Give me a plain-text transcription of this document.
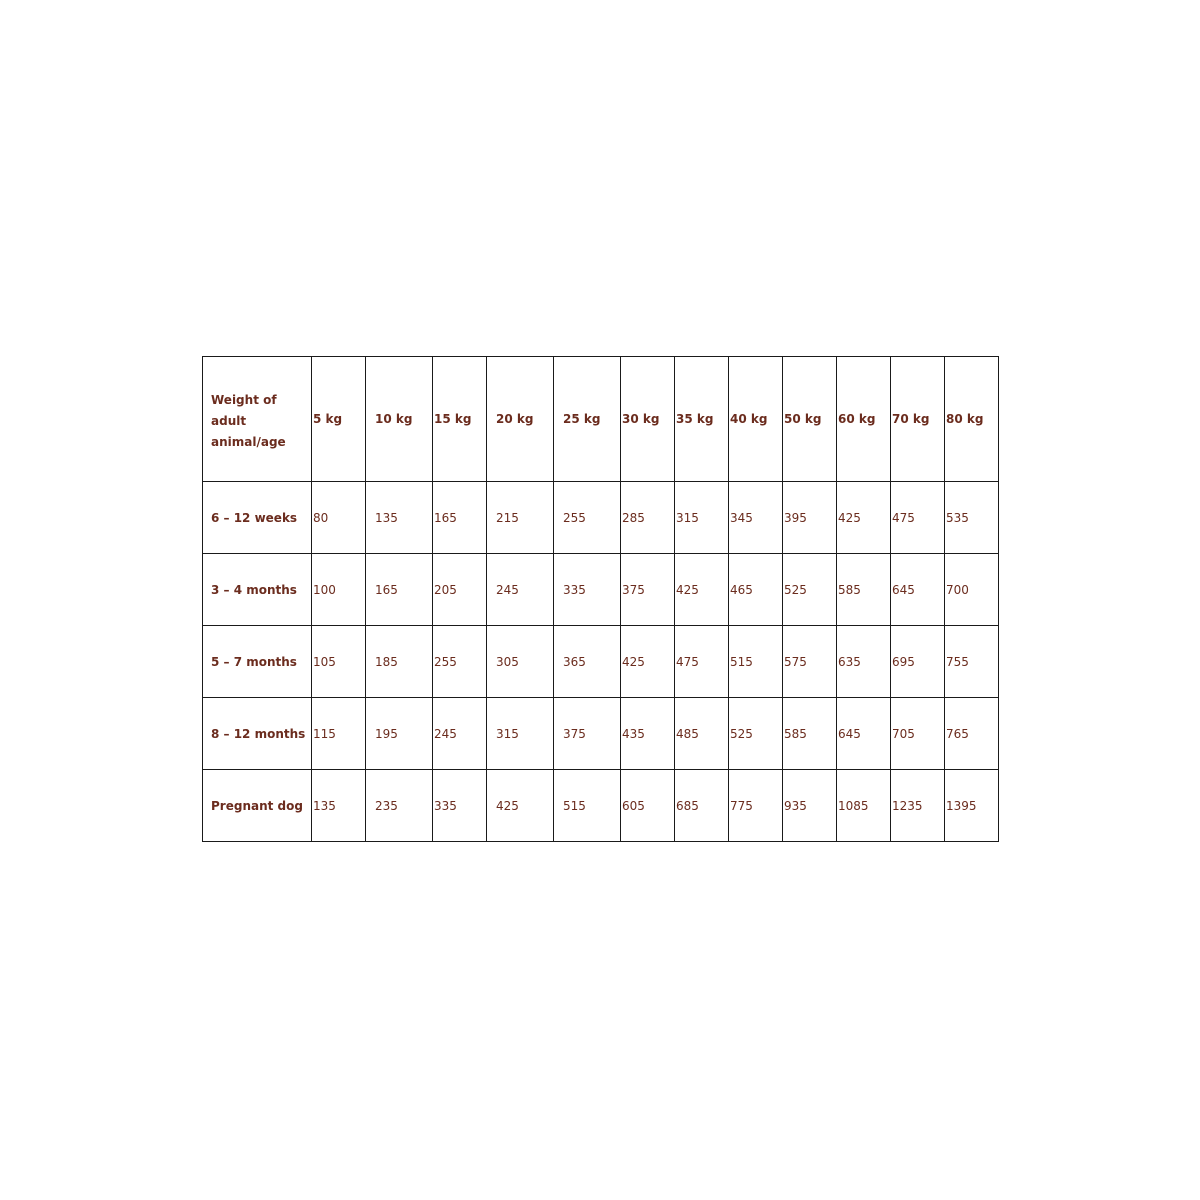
Weight of adult animal/age	5 kg	10 kg	15 kg	20 kg	25 kg	30 kg	35 kg	40 kg	50 kg	60 kg	70 kg	80 kg
6 – 12 weeks	80	135	165	215	255	285	315	345	395	425	475	535
3 – 4 months	100	165	205	245	335	375	425	465	525	585	645	700
5 – 7 months	105	185	255	305	365	425	475	515	575	635	695	755
8 – 12 months	115	195	245	315	375	435	485	525	585	645	705	765
Pregnant dog	135	235	335	425	515	605	685	775	935	1085	1235	1395
